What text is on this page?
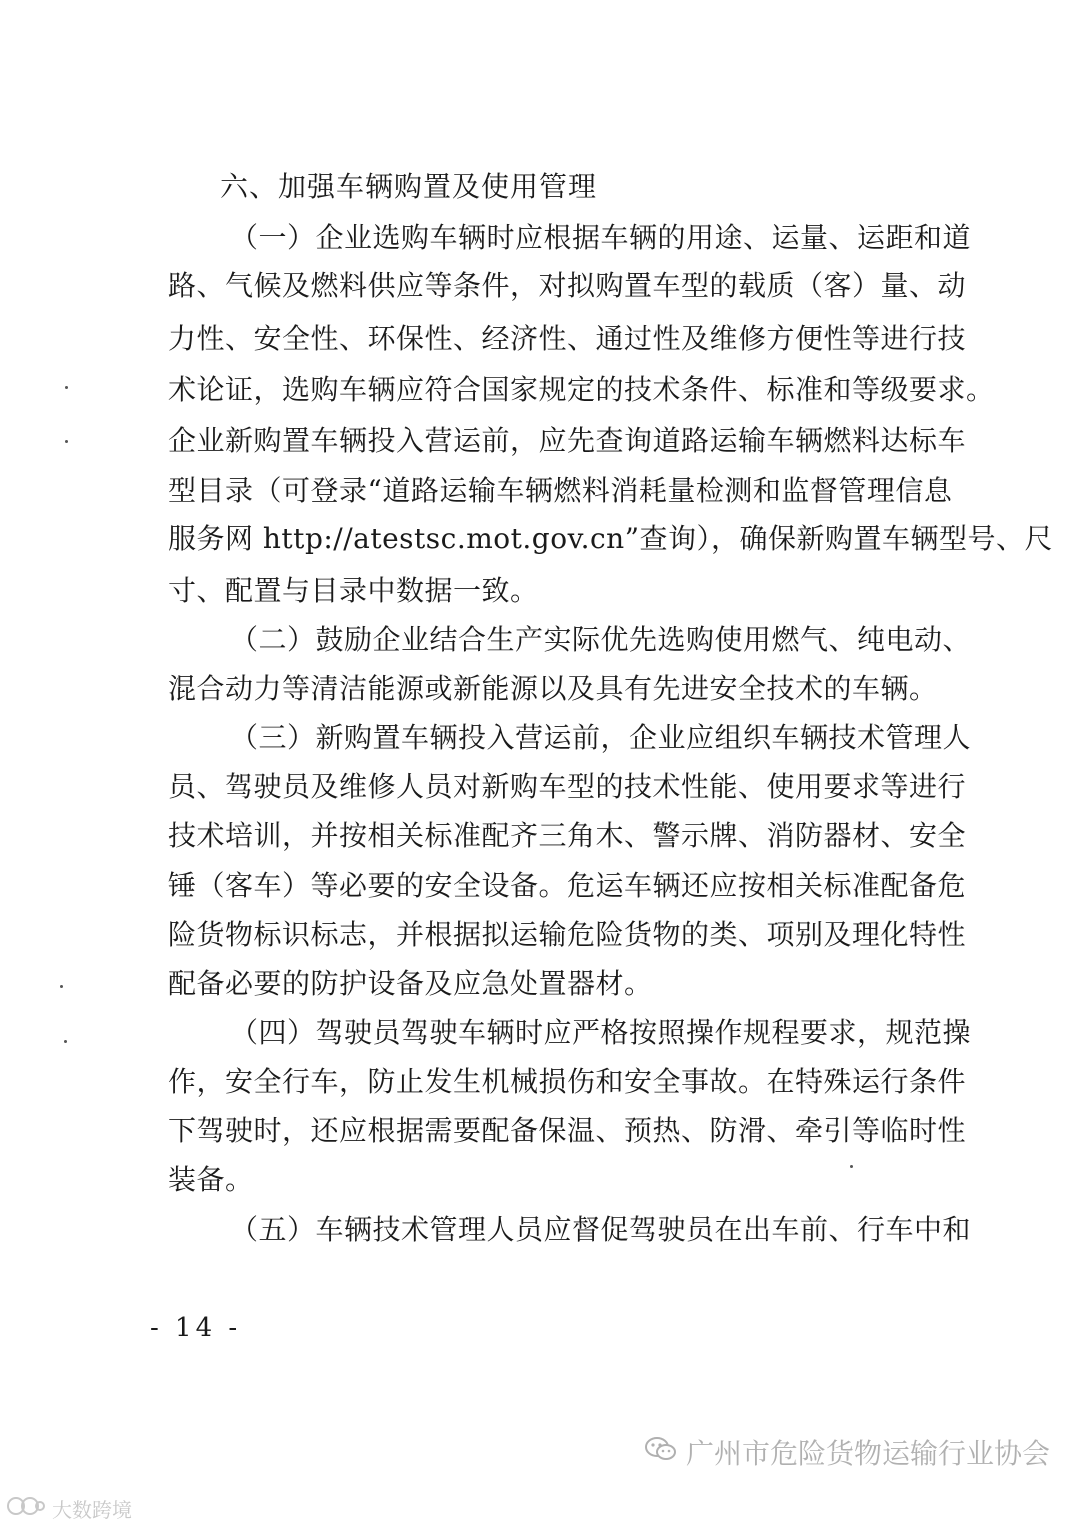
六、加强车辆购置及使用管理
（一）企业选购车辆时应根据车辆的用途、运量、运距和道
路、气候及燃料供应等条件，对拟购置车型的载质（客）量、动
力性、安全性、环保性、经济性、通过性及维修方便性等进行技
术论证，选购车辆应符合国家规定的技术条件、标准和等级要求。
企业新购置车辆投入营运前，应先查询道路运输车辆燃料达标车
型目录（可登录“道路运输车辆燃料消耗量检测和监督管理信息
服务网 http://atestsc.mot.gov.cn”查询），确保新购置车辆型号、尺
寸、配置与目录中数据一致。
（二）鼓励企业结合生产实际优先选购使用燃气、纯电动、
混合动力等清洁能源或新能源以及具有先进安全技术的车辆。
（三）新购置车辆投入营运前，企业应组织车辆技术管理人
员、驾驶员及维修人员对新购车型的技术性能、使用要求等进行
技术培训，并按相关标准配齐三角木、警示牌、消防器材、安全
锤（客车）等必要的安全设备。危运车辆还应按相关标准配备危
险货物标识标志，并根据拟运输危险货物的类、项别及理化特性
配备必要的防护设备及应急处置器材。
（四）驾驶员驾驶车辆时应严格按照操作规程要求，规范操
作，安全行车，防止发生机械损伤和安全事故。在特殊运行条件
下驾驶时，还应根据需要配备保温、预热、防滑、牵引等临时性
装备。
（五）车辆技术管理人员应督促驾驶员在出车前、行车中和
- 14 -
广州市危险货物运输行业协会
大数跨境
